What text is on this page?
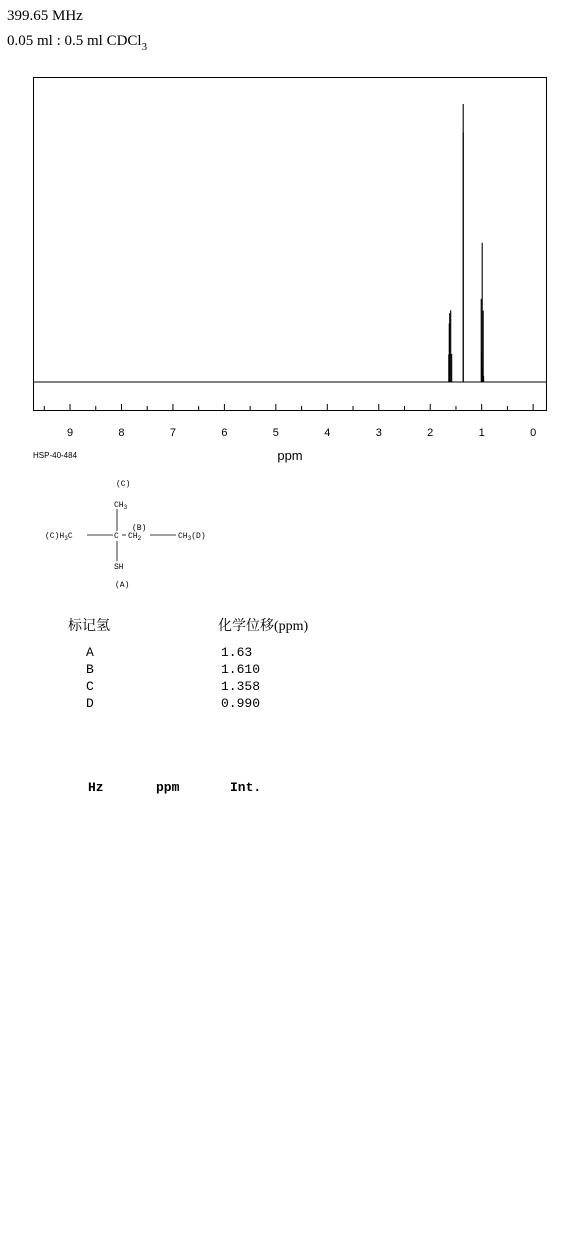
399.65 MHz
0.05 ml : 0.5 ml CDCl$_3$
9	8	7	6	5	4	3	2	1	0
ppm
HSP-40-484
(C)
$CH_3$
$(C)H_3C$	C
(B)
$CH_2$	$CH_3(D)$
SH
(A)
标记氢	化学位移(ppm)
A	1.63
B	1.610
C	1.358
D	0.990
Hz	ppm	Int.
